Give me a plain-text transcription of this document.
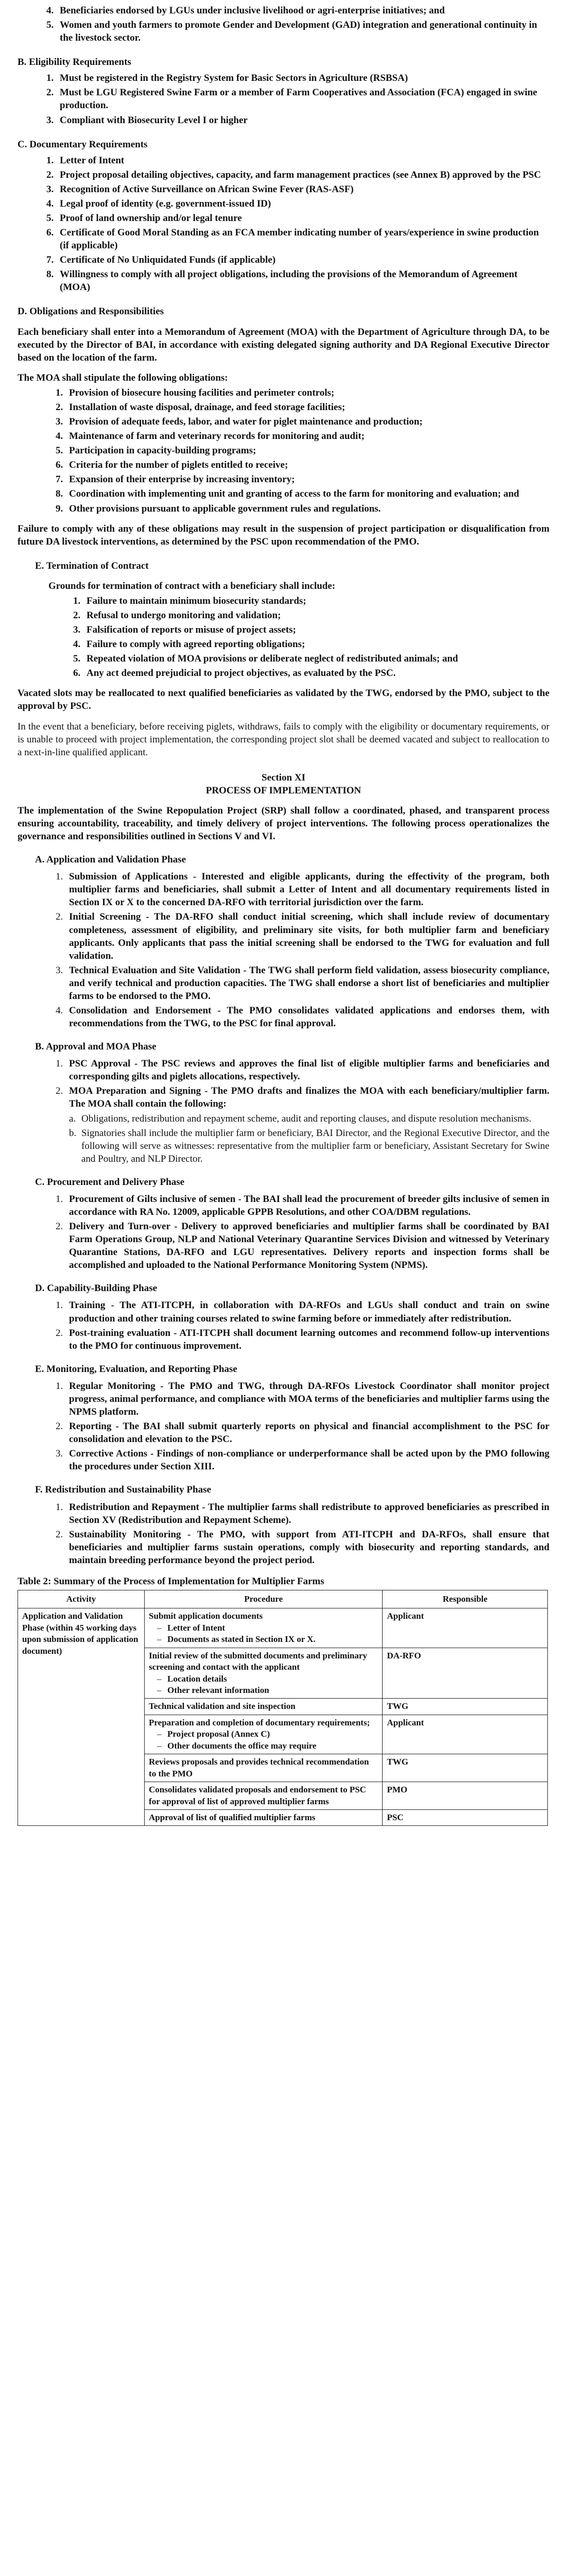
4. Beneficiaries endorsed by LGUs under inclusive livelihood or agri-enterprise initiatives; and
5. Women and youth farmers to promote Gender and Development (GAD) integration and generational continuity in the livestock sector.
B. Eligibility Requirements
1. Must be registered in the Registry System for Basic Sectors in Agriculture (RSBSA)
2. Must be LGU Registered Swine Farm or a member of Farm Cooperatives and Association (FCA) engaged in swine production.
3. Compliant with Biosecurity Level I or higher
C. Documentary Requirements
1. Letter of Intent
2. Project proposal detailing objectives, capacity, and farm management practices (see Annex B) approved by the PSC
3. Recognition of Active Surveillance on African Swine Fever (RAS-ASF)
4. Legal proof of identity (e.g. government-issued ID)
5. Proof of land ownership and/or legal tenure
6. Certificate of Good Moral Standing as an FCA member indicating number of years/experience in swine production (if applicable)
7. Certificate of No Unliquidated Funds (if applicable)
8. Willingness to comply with all project obligations, including the provisions of the Memorandum of Agreement (MOA)
D. Obligations and Responsibilities
Each beneficiary shall enter into a Memorandum of Agreement (MOA) with the Department of Agriculture through DA, to be executed by the Director of BAI, in accordance with existing delegated signing authority and DA Regional Executive Director based on the location of the farm.
The MOA shall stipulate the following obligations:
1. Provision of biosecure housing facilities and perimeter controls;
2. Installation of waste disposal, drainage, and feed storage facilities;
3. Provision of adequate feeds, labor, and water for piglet maintenance and production;
4. Maintenance of farm and veterinary records for monitoring and audit;
5. Participation in capacity-building programs;
6. Criteria for the number of piglets entitled to receive;
7. Expansion of their enterprise by increasing inventory;
8. Coordination with implementing unit and granting of access to the farm for monitoring and evaluation; and
9. Other provisions pursuant to applicable government rules and regulations.
Failure to comply with any of these obligations may result in the suspension of project participation or disqualification from future DA livestock interventions, as determined by the PSC upon recommendation of the PMO.
E. Termination of Contract
Grounds for termination of contract with a beneficiary shall include:
1. Failure to maintain minimum biosecurity standards;
2. Refusal to undergo monitoring and validation;
3. Falsification of reports or misuse of project assets;
4. Failure to comply with agreed reporting obligations;
5. Repeated violation of MOA provisions or deliberate neglect of redistributed animals; and
6. Any act deemed prejudicial to project objectives, as evaluated by the PSC.
Vacated slots may be reallocated to next qualified beneficiaries as validated by the TWG, endorsed by the PMO, subject to the approval by PSC.
In the event that a beneficiary, before receiving piglets, withdraws, fails to comply with the eligibility or documentary requirements, or is unable to proceed with project implementation, the corresponding project slot shall be deemed vacated and subject to reallocation to a next-in-line qualified applicant.
Section XI
PROCESS OF IMPLEMENTATION
The implementation of the Swine Repopulation Project (SRP) shall follow a coordinated, phased, and transparent process ensuring accountability, traceability, and timely delivery of project interventions. The following process operationalizes the governance and responsibilities outlined in Sections V and VI.
A. Application and Validation Phase
1. Submission of Applications - Interested and eligible applicants, during the effectivity of the program, both multiplier farms and beneficiaries, shall submit a Letter of Intent and all documentary requirements listed in Section IX or X to the concerned DA-RFO with territorial jurisdiction over the farm.
2. Initial Screening - The DA-RFO shall conduct initial screening, which shall include review of documentary completeness, assessment of eligibility, and preliminary site visits, for both multiplier farm and beneficiary applicants. Only applicants that pass the initial screening shall be endorsed to the TWG for evaluation and full validation.
3. Technical Evaluation and Site Validation - The TWG shall perform field validation, assess biosecurity compliance, and verify technical and production capacities. The TWG shall endorse a short list of beneficiaries and multiplier farms to be endorsed to the PMO.
4. Consolidation and Endorsement - The PMO consolidates validated applications and endorses them, with recommendations from the TWG, to the PSC for final approval.
B. Approval and MOA Phase
1. PSC Approval - The PSC reviews and approves the final list of eligible multiplier farms and beneficiaries and corresponding gilts and piglets allocations, respectively.
2. MOA Preparation and Signing - The PMO drafts and finalizes the MOA with each beneficiary/multiplier farm. The MOA shall contain the following:
a. Obligations, redistribution and repayment scheme, audit and reporting clauses, and dispute resolution mechanisms.
b. Signatories shall include the multiplier farm or beneficiary, BAI Director, and the Regional Executive Director, and the following will serve as witnesses: representative from the multiplier farm or beneficiary, Assistant Secretary for Swine and Poultry, and NLP Director.
C. Procurement and Delivery Phase
1. Procurement of Gilts inclusive of semen - The BAI shall lead the procurement of breeder gilts inclusive of semen in accordance with RA No. 12009, applicable GPPB Resolutions, and other COA/DBM regulations.
2. Delivery and Turn-over - Delivery to approved beneficiaries and multiplier farms shall be coordinated by BAI Farm Operations Group, NLP and National Veterinary Quarantine Services Division and witnessed by Veterinary Quarantine Stations, DA-RFO and LGU representatives. Delivery reports and inspection forms shall be accomplished and uploaded to the National Performance Monitoring System (NPMS).
D. Capability-Building Phase
1. Training - The ATI-ITCPH, in collaboration with DA-RFOs and LGUs shall conduct and train on swine production and other training courses related to swine farming before or immediately after redistribution.
2. Post-training evaluation - ATI-ITCPH shall document learning outcomes and recommend follow-up interventions to the PMO for continuous improvement.
E. Monitoring, Evaluation, and Reporting Phase
1. Regular Monitoring - The PMO and TWG, through DA-RFOs Livestock Coordinator shall monitor project progress, animal performance, and compliance with MOA terms of the beneficiaries and multiplier farms using the NPMS platform.
2. Reporting - The BAI shall submit quarterly reports on physical and financial accomplishment to the PSC for consolidation and elevation to the PSC.
3. Corrective Actions - Findings of non-compliance or underperformance shall be acted upon by the PMO following the procedures under Section XIII.
F. Redistribution and Sustainability Phase
1. Redistribution and Repayment - The multiplier farms shall redistribute to approved beneficiaries as prescribed in Section XV (Redistribution and Repayment Scheme).
2. Sustainability Monitoring - The PMO, with support from ATI-ITCPH and DA-RFOs, shall ensure that beneficiaries and multiplier farms sustain operations, comply with biosecurity and reporting standards, and maintain breeding performance beyond the project period.
Table 2: Summary of the Process of Implementation for Multiplier Farms
Activity	Procedure	Responsible
Application and Validation Phase (within 45 working days upon submission of application document)	Submit application documents
– Letter of Intent
– Documents as stated in Section IX or X.	Applicant

	Initial review of the submitted documents and preliminary screening and contact with the applicant
– Location details
– Other relevant information	DA-RFO

	Technical validation and site inspection	TWG

	Preparation and completion of documentary requirements;
– Project proposal (Annex C)
– Other documents the office may require	Applicant

	Reviews proposals and provides technical recommendation to the PMO	TWG

	Consolidates validated proposals and endorsement to PSC for approval of list of approved multiplier farms	PMO

	Approval of list of qualified multiplier farms	PSC
